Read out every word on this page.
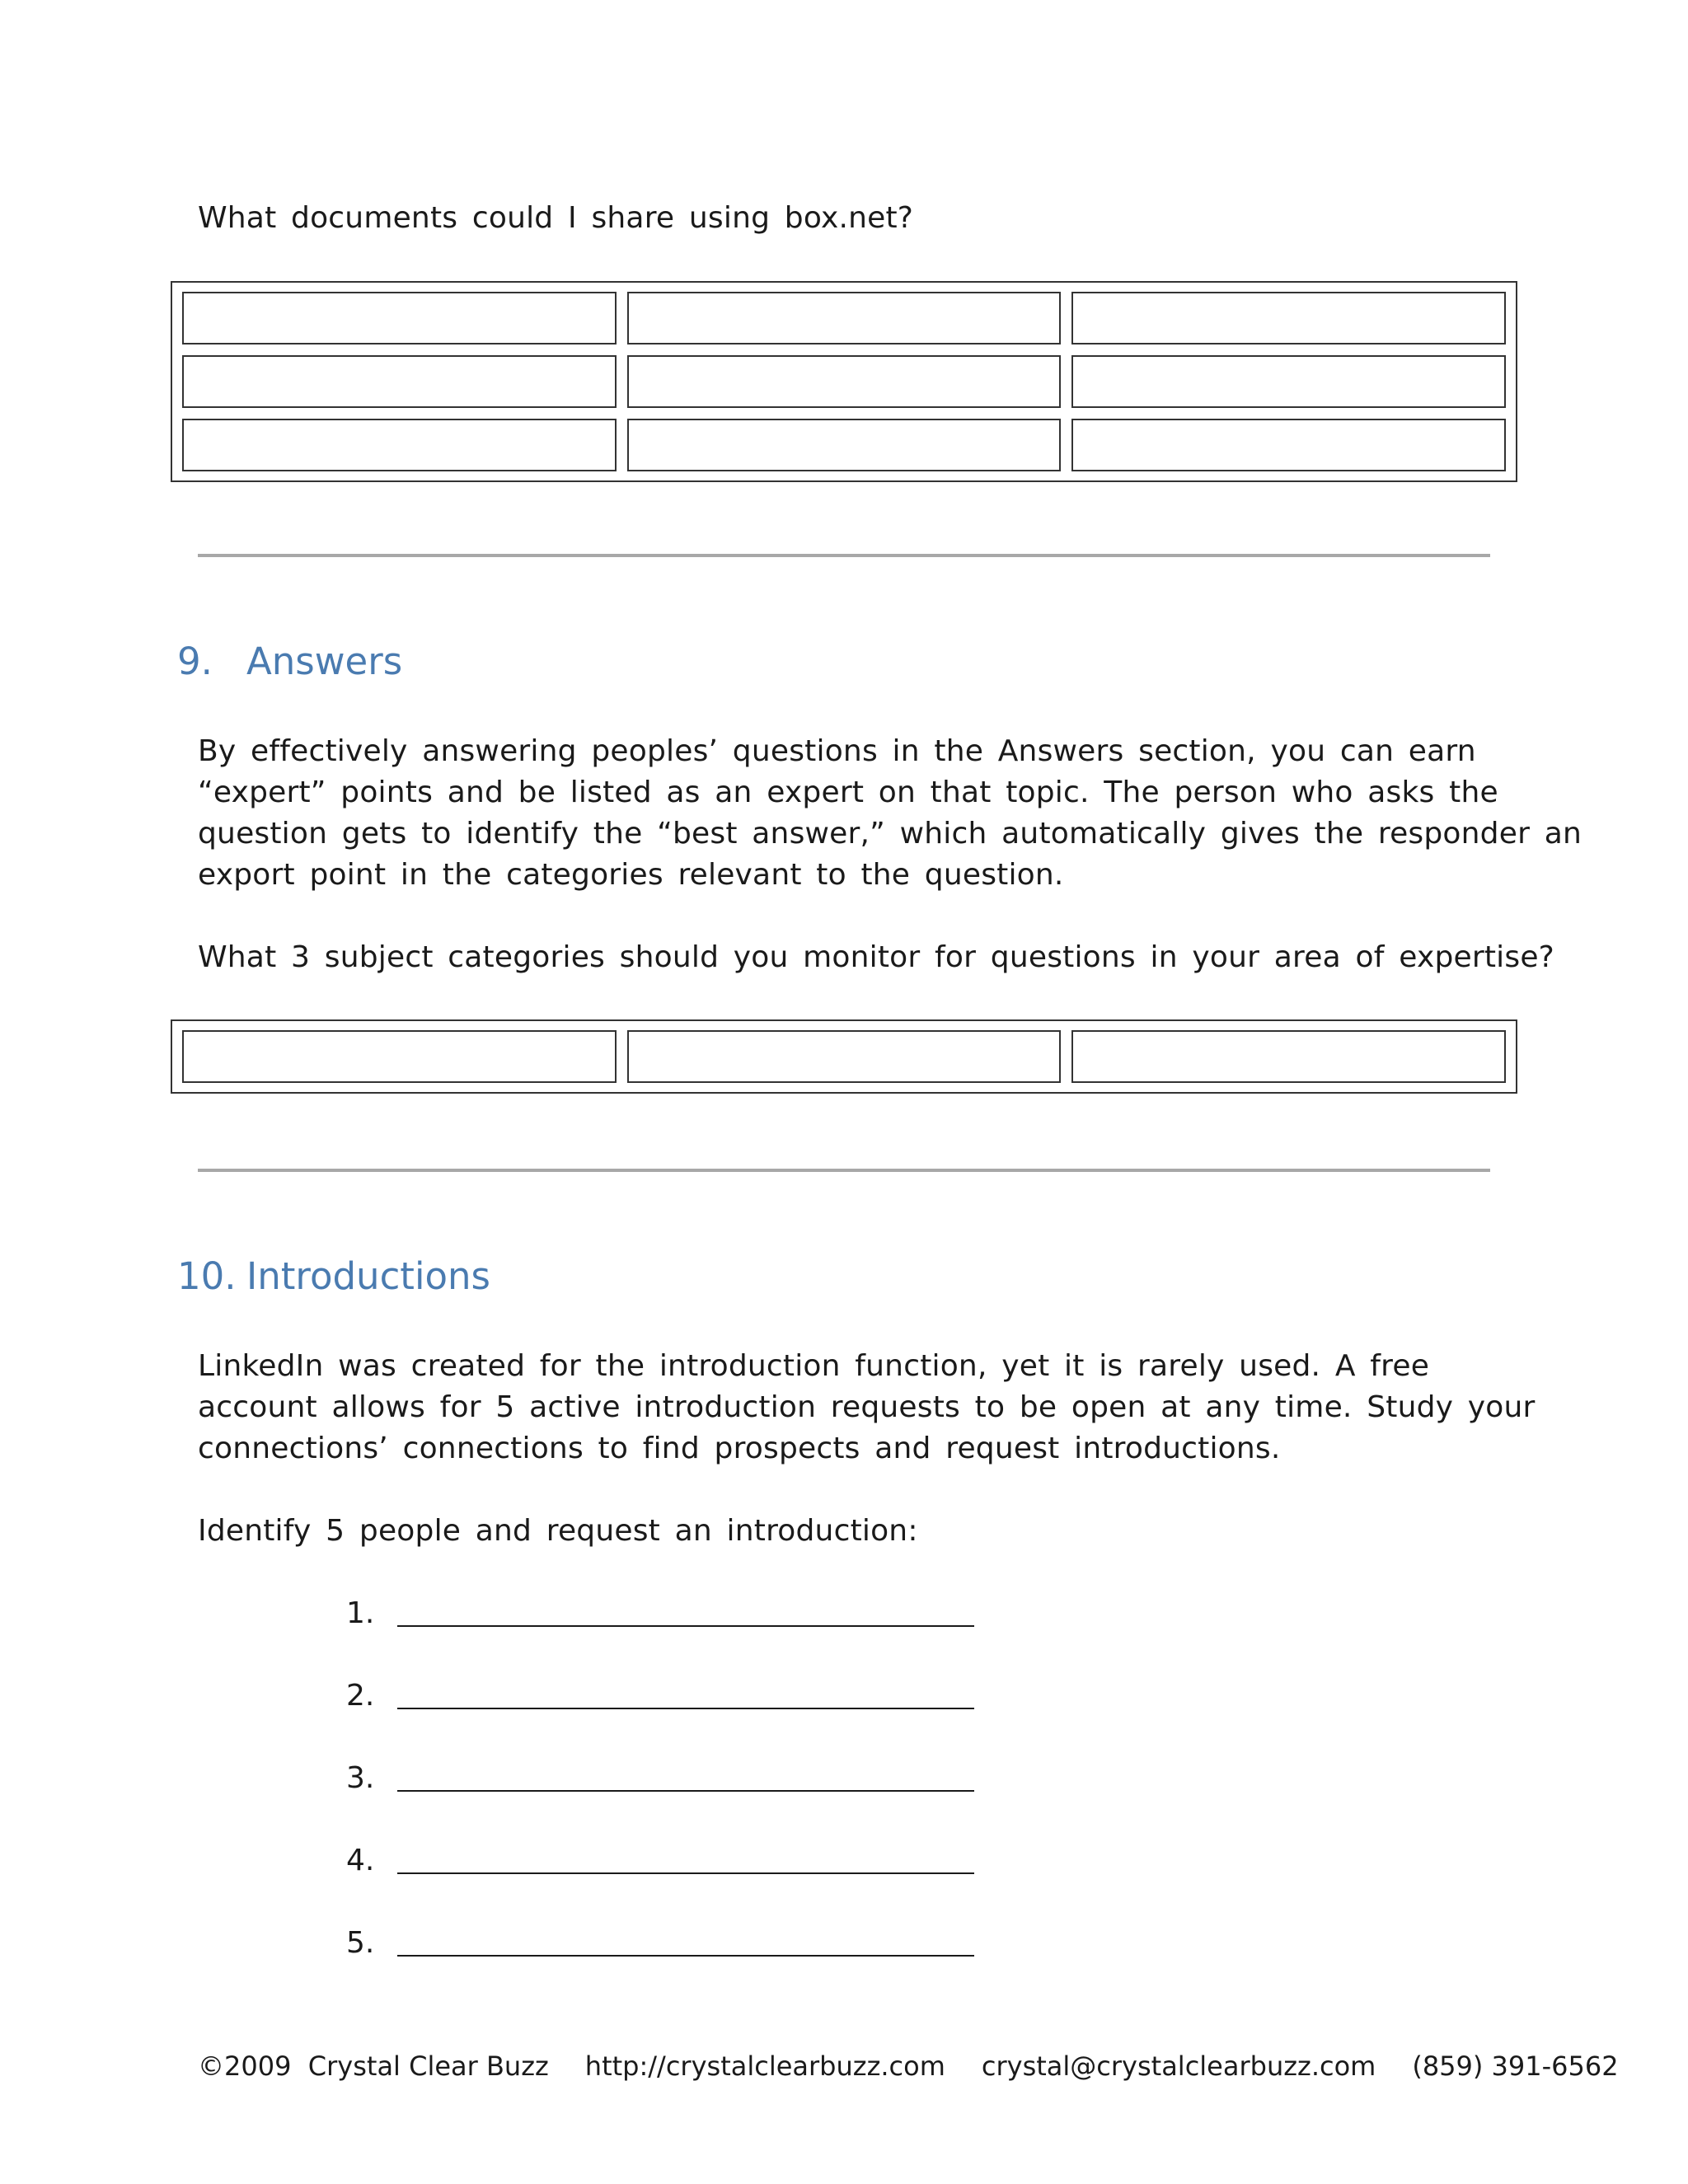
What documents could I share using box.net?
9. Answers
By effectively answering peoples’ questions in the Answers section, you can earn
“expert” points and be listed as an expert on that topic. The person who asks the
question gets to identify the “best answer,” which automatically gives the responder an
export point in the categories relevant to the question.
What 3 subject categories should you monitor for questions in your area of expertise?
10. Introductions
LinkedIn was created for the introduction function, yet it is rarely used. A free
account allows for 5 active introduction requests to be open at any time. Study your
connections’ connections to find prospects and request introductions.
Identify 5 people and request an introduction:
1.
2.
3.
4.
5.
©2009  Crystal Clear Buzz http://crystalclearbuzz.com crystal@crystalclearbuzz.com (859) 391-6562
